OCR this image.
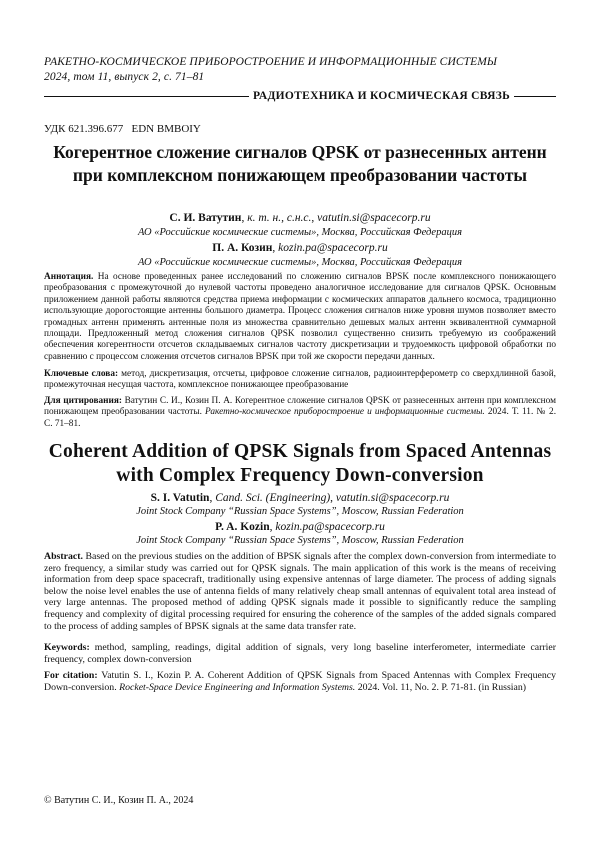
РАКЕТНО-КОСМИЧЕСКОЕ ПРИБОРОСТРОЕНИЕ И ИНФОРМАЦИОННЫЕ СИСТЕМЫ
2024, том 11, выпуск 2, с. 71–81
РАДИОТЕХНИКА И КОСМИЧЕСКАЯ СВЯЗЬ
УДК 621.396.677   EDN BMBOIY
Когерентное сложение сигналов QPSK от разнесенных антенн при комплексном понижающем преобразовании частоты
С. И. Ватутин, к. т. н., с.н.с., vatutin.si@spacecorp.ru
АО «Российские космические системы», Москва, Российская Федерация
П. А. Козин, kozin.pa@spacecorp.ru
АО «Российские космические системы», Москва, Российская Федерация
Аннотация. На основе проведенных ранее исследований по сложению сигналов BPSK после комплексного понижающего преобразования с промежуточной до нулевой частоты проведено аналогичное исследование для сигналов QPSK. Основным приложением данной работы являются средства приема информации с космических аппаратов дальнего космоса, традиционно использующие дорогостоящие антенны большого диаметра. Процесс сложения сигналов ниже уровня шумов позволяет вместо громадных антенн применять антенные поля из множества сравнительно дешевых малых антенн эквивалентной суммарной площади. Предложенный метод сложения сигналов QPSK позволил существенно снизить требуемую из соображений обеспечения когерентности отсчетов складываемых сигналов частоту дискретизации и трудоемкость цифровой обработки по сравнению с процессом сложения отсчетов сигналов BPSK при той же скорости передачи данных.
Ключевые слова: метод, дискретизация, отсчеты, цифровое сложение сигналов, радиоинтерферометр со сверхдлинной базой, промежуточная несущая частота, комплексное понижающее преобразование
Для цитирования: Ватутин С. И., Козин П. А. Когерентное сложение сигналов QPSK от разнесенных антенн при комплексном понижающем преобразовании частоты. Ракетно-космическое приборостроение и информационные системы. 2024. Т. 11. № 2. С. 71–81.
Coherent Addition of QPSK Signals from Spaced Antennas with Complex Frequency Down-conversion
S. I. Vatutin, Cand. Sci. (Engineering), vatutin.si@spacecorp.ru
Joint Stock Company “Russian Space Systems”, Moscow, Russian Federation
P. A. Kozin, kozin.pa@spacecorp.ru
Joint Stock Company “Russian Space Systems”, Moscow, Russian Federation
Abstract. Based on the previous studies on the addition of BPSK signals after the complex down-conversion from intermediate to zero frequency, a similar study was carried out for QPSK signals. The main application of this work is the means of receiving information from deep space spacecraft, traditionally using expensive antennas of large diameter. The process of adding signals below the noise level enables the use of antenna fields of many relatively cheap small antennas of equivalent total area instead of very large antennas. The proposed method of adding QPSK signals made it possible to significantly reduce the sampling frequency and complexity of digital processing required for ensuring the coherence of the samples of the added signals compared to the process of adding samples of BPSK signals at the same data transfer rate.
Keywords: method, sampling, readings, digital addition of signals, very long baseline interferometer, intermediate carrier frequency, complex down-conversion
For citation: Vatutin S. I., Kozin P. A. Coherent Addition of QPSK Signals from Spaced Antennas with Complex Frequency Down-conversion. Rocket-Space Device Engineering and Information Systems. 2024. Vol. 11, No. 2. P. 71-81. (in Russian)
© Ватутин С. И., Козин П. А., 2024
